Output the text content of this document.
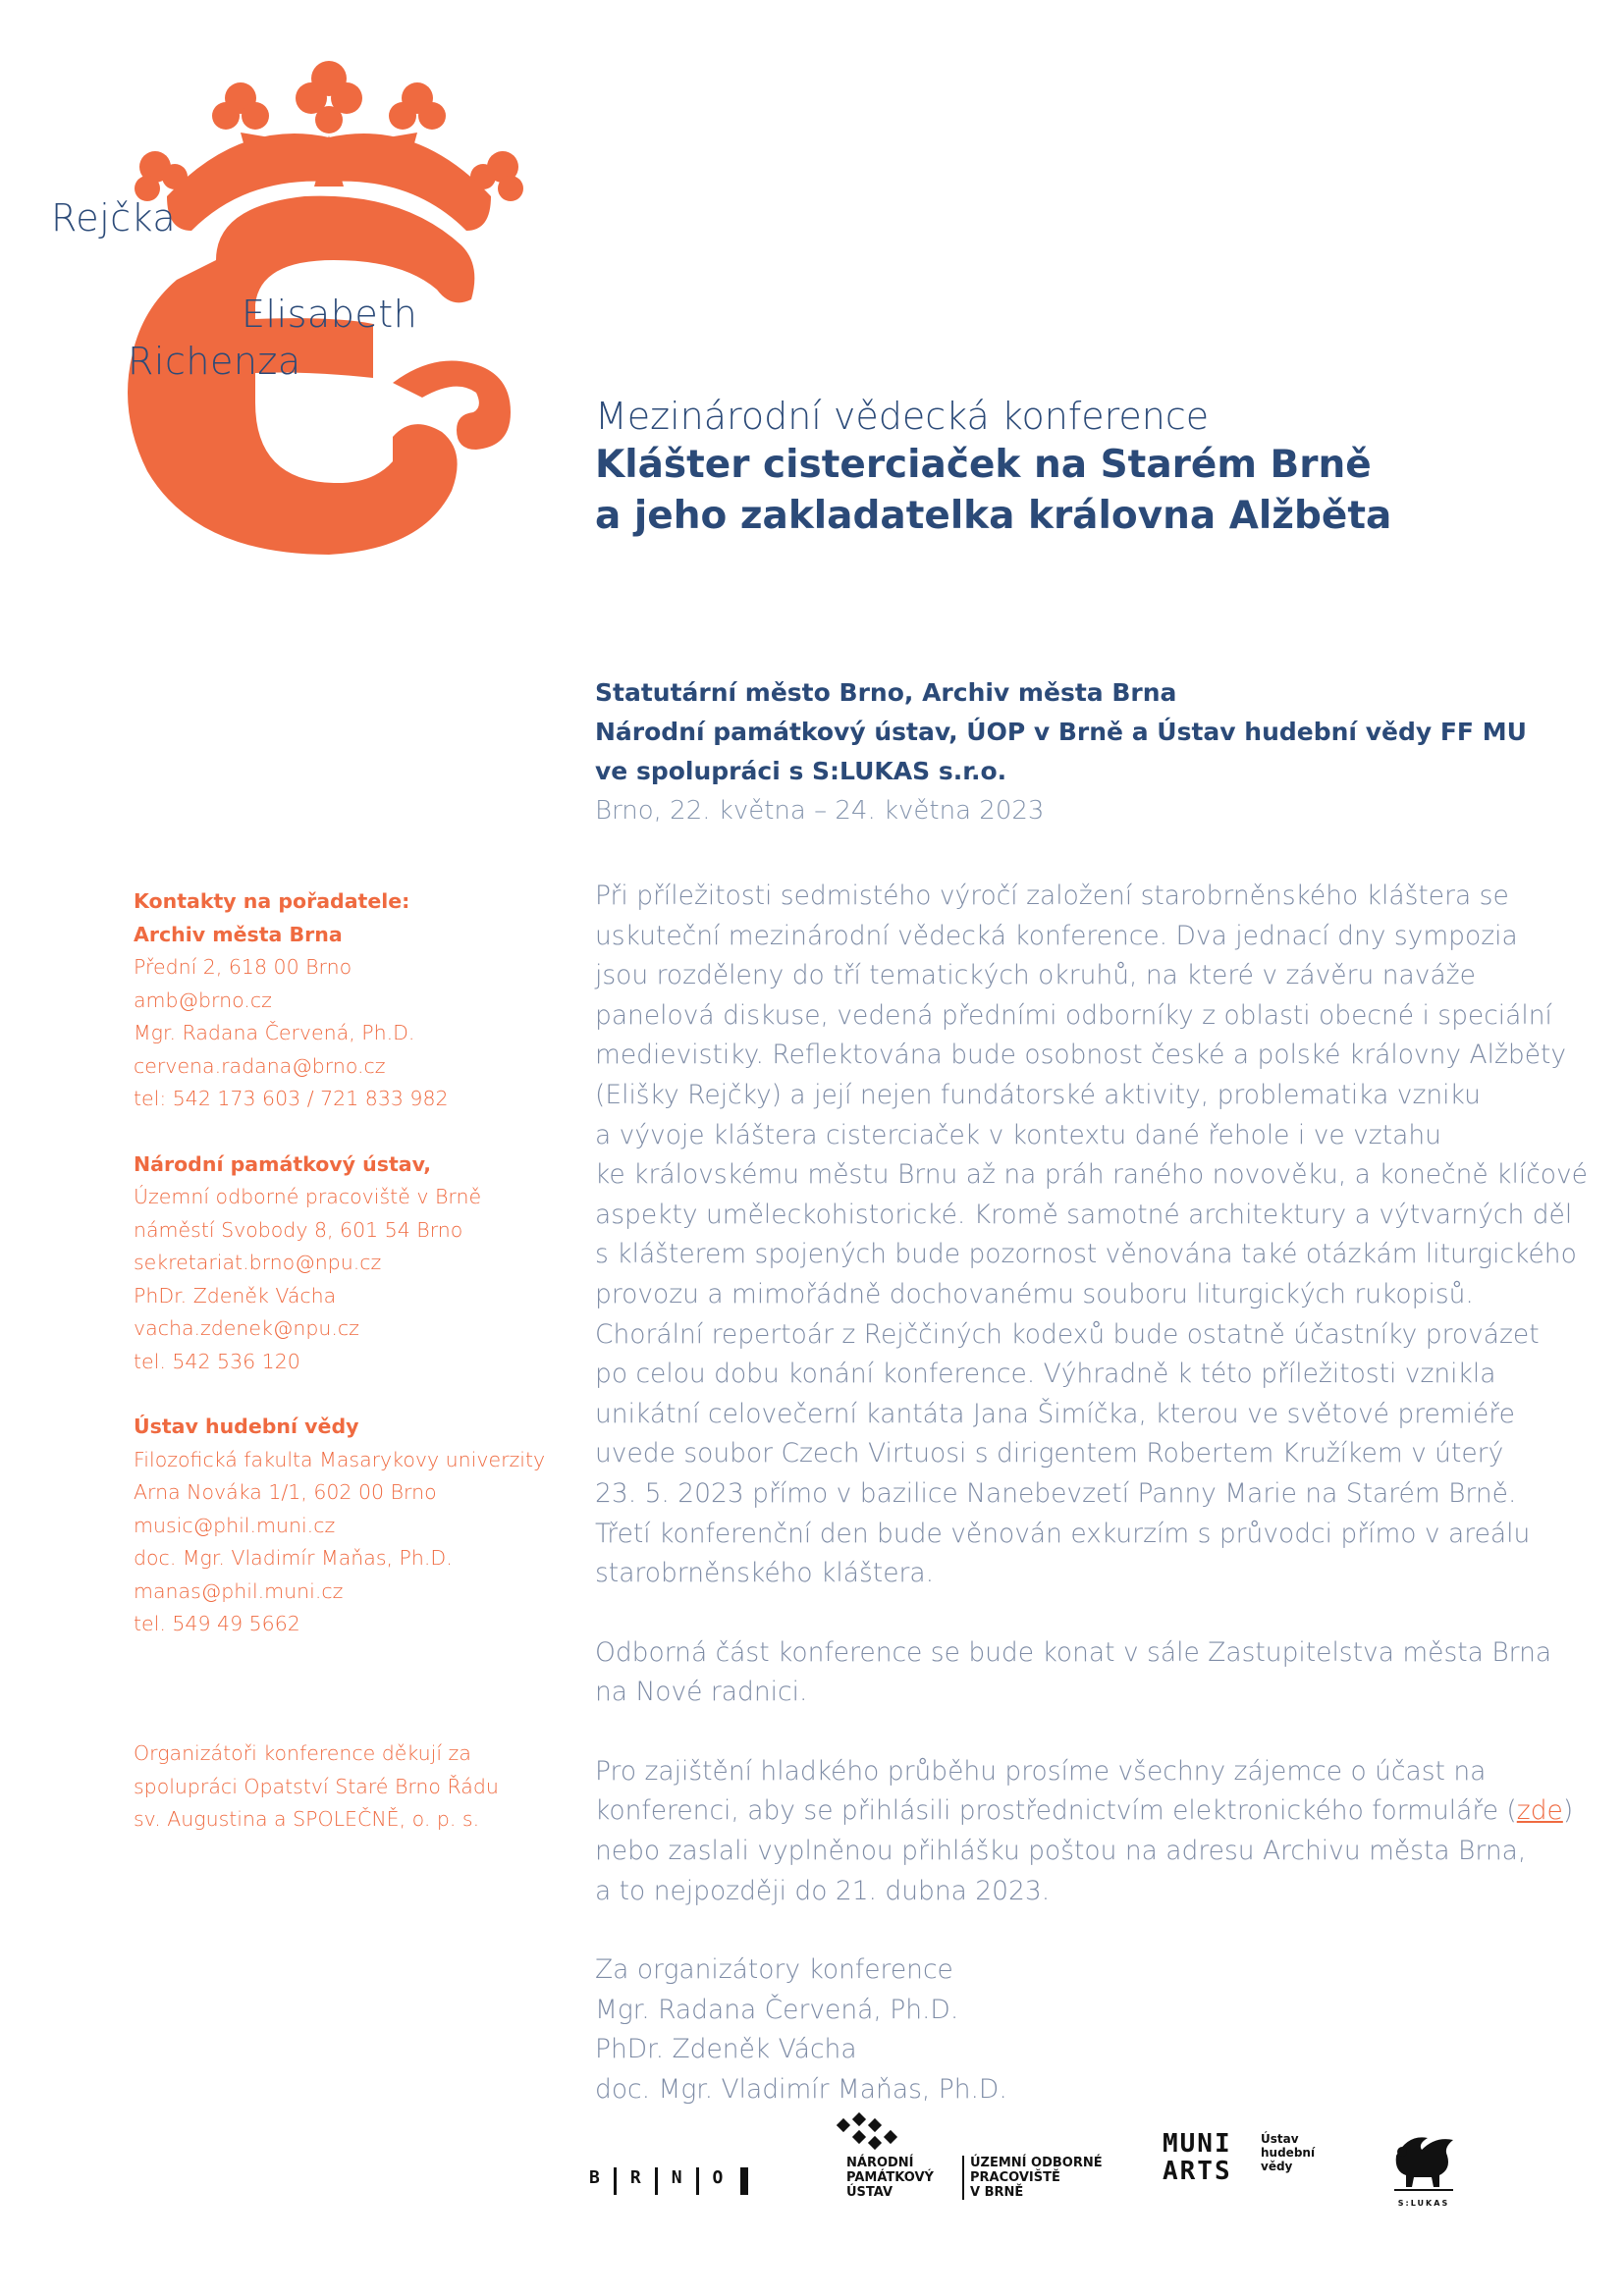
Rejčka
Elisabeth
Richenza
Mezinárodní vědecká konference
Klášter cisterciaček na Starém Brně
a jeho zakladatelka královna Alžběta
Statutární město Brno, Archiv města Brna
Národní památkový ústav, ÚOP v Brně a Ústav hudební vědy FF MU
ve spolupráci s S:LUKAS s.r.o.
Brno, 22. května – 24. května 2023
Kontakty na pořadatele:
Archiv města Brna
Přední 2, 618 00 Brno
amb@brno.cz
Mgr. Radana Červená, Ph.D.
cervena.radana@brno.cz
tel: 542 173 603 / 721 833 982
Národní památkový ústav,
Územní odborné pracoviště v Brně
náměstí Svobody 8, 601 54 Brno
sekretariat.brno@npu.cz
PhDr. Zdeněk Vácha
vacha.zdenek@npu.cz
tel. 542 536 120
Ústav hudební vědy
Filozofická fakulta Masarykovy univerzity
Arna Nováka 1/1, 602 00 Brno
music@phil.muni.cz
doc. Mgr. Vladimír Maňas, Ph.D.
manas@phil.muni.cz
tel. 549 49 5662
Organizátoři konference děkují za
spolupráci Opatství Staré Brno Řádu
sv. Augustina a SPOLEČNĚ, o. p. s.

Při příležitosti sedmistého výročí založení starobrněnského kláštera se
uskuteční mezinárodní vědecká konference. Dva jednací dny sympozia
jsou rozděleny do tří tematických okruhů, na které v závěru naváže
panelová diskuse, vedená předními odborníky z oblasti obecné i speciální
medievistiky. Reflektována bude osobnost české a polské královny Alžběty
(Elišky Rejčky) a její nejen fundátorské aktivity, problematika vzniku
a vývoje kláštera cisterciaček v kontextu dané řehole i ve vztahu
ke královskému městu Brnu až na práh raného novověku, a konečně klíčové
aspekty uměleckohistorické. Kromě samotné architektury a výtvarných děl
s klášterem spojených bude pozornost věnována také otázkám liturgického
provozu a mimořádně dochovanému souboru liturgických rukopisů.
Chorální repertoár z Rejččiných kodexů bude ostatně účastníky provázet
po celou dobu konání konference. Výhradně k této příležitosti vznikla
unikátní celovečerní kantáta Jana Šimíčka, kterou ve světové premiéře
uvede soubor Czech Virtuosi s dirigentem Robertem Kružíkem v úterý
23. 5. 2023 přímo v bazilice Nanebevzetí Panny Marie na Starém Brně.
Třetí konferenční den bude věnován exkurzím s průvodci přímo v areálu
starobrněnského kláštera.

Odborná část konference se bude konat v sále Zastupitelstva města Brna
na Nové radnici.

Pro zajištění hladkého průběhu prosíme všechny zájemce o účast na
konferenci, aby se přihlásili prostřednictvím elektronického formuláře (zde)
nebo zaslali vyplněnou přihlášku poštou na adresu Archivu města Brna,
a to nejpozději do 21. dubna 2023.

Za organizátory konference
Mgr. Radana Červená, Ph.D.
PhDr. Zdeněk Vácha
doc. Mgr. Vladimír Maňas, Ph.D.

B R N O
NÁRODNÍ
PAMÁTKOVÝ
ÚSTAV
ÚZEMNÍ ODBORNÉ
PRACOVIŠTĚ
V BRNĚ
MUNI
ARTS
Ústav
hudební
vědy
S:LUKAS
